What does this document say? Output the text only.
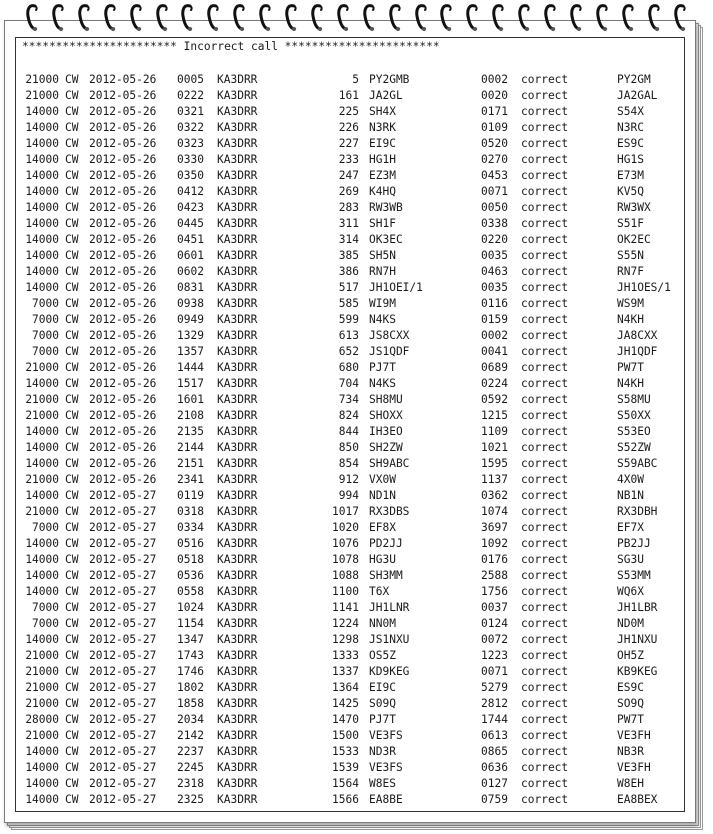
*********************** Incorrect call ***********************
21000 CW 2012-05-26 0005 KA3DRR	5 PY2GMB	0002 correct	PY2GM
21000 CW 2012-05-26 0222 KA3DRR	161 JA2GL	0020 correct	JA2GAL
14000 CW 2012-05-26 0321 KA3DRR	225 SH4X	0171 correct	S54X
14000 CW 2012-05-26 0322 KA3DRR	226 N3RK	0109 correct	N3RC
14000 CW 2012-05-26 0323 KA3DRR	227 EI9C	0520 correct	ES9C
14000 CW 2012-05-26 0330 KA3DRR	233 HG1H	0270 correct	HG1S
14000 CW 2012-05-26 0350 KA3DRR	247 EZ3M	0453 correct	E73M
14000 CW 2012-05-26 0412 KA3DRR	269 K4HQ	0071 correct	KV5Q
14000 CW 2012-05-26 0423 KA3DRR	283 RW3WB	0050 correct	RW3WX
14000 CW 2012-05-26 0445 KA3DRR	311 SH1F	0338 correct	S51F
14000 CW 2012-05-26 0451 KA3DRR	314 OK3EC	0220 correct	OK2EC
14000 CW 2012-05-26 0601 KA3DRR	385 SH5N	0035 correct	S55N
14000 CW 2012-05-26 0602 KA3DRR	386 RN7H	0463 correct	RN7F
14000 CW 2012-05-26 0831 KA3DRR	517 JH1OEI/1	0035 correct	JH1OES/1
7000 CW 2012-05-26 0938 KA3DRR	585 WI9M	0116 correct	WS9M
7000 CW 2012-05-26 0949 KA3DRR	599 N4KS	0159 correct	N4KH
7000 CW 2012-05-26 1329 KA3DRR	613 JS8CXX	0002 correct	JA8CXX
7000 CW 2012-05-26 1357 KA3DRR	652 JS1QDF	0041 correct	JH1QDF
21000 CW 2012-05-26 1444 KA3DRR	680 PJ7T	0689 correct	PW7T
14000 CW 2012-05-26 1517 KA3DRR	704 N4KS	0224 correct	N4KH
21000 CW 2012-05-26 1601 KA3DRR	734 SH8MU	0592 correct	S58MU
21000 CW 2012-05-26 2108 KA3DRR	824 SHOXX	1215 correct	S50XX
14000 CW 2012-05-26 2135 KA3DRR	844 IH3EO	1109 correct	S53EO
14000 CW 2012-05-26 2144 KA3DRR	850 SH2ZW	1021 correct	S52ZW
14000 CW 2012-05-26 2151 KA3DRR	854 SH9ABC	1595 correct	S59ABC
21000 CW 2012-05-26 2341 KA3DRR	912 VX0W	1137 correct	4X0W
14000 CW 2012-05-27 0119 KA3DRR	994 ND1N	0362 correct	NB1N
21000 CW 2012-05-27 0318 KA3DRR	1017 RX3DBS	1074 correct	RX3DBH
7000 CW 2012-05-27 0334 KA3DRR	1020 EF8X	3697 correct	EF7X
14000 CW 2012-05-27 0516 KA3DRR	1076 PD2JJ	1092 correct	PB2JJ
14000 CW 2012-05-27 0518 KA3DRR	1078 HG3U	0176 correct	SG3U
14000 CW 2012-05-27 0536 KA3DRR	1088 SH3MM	2588 correct	S53MM
14000 CW 2012-05-27 0558 KA3DRR	1100 T6X	1756 correct	WQ6X
7000 CW 2012-05-27 1024 KA3DRR	1141 JH1LNR	0037 correct	JH1LBR
7000 CW 2012-05-27 1154 KA3DRR	1224 NN0M	0124 correct	ND0M
14000 CW 2012-05-27 1347 KA3DRR	1298 JS1NXU	0072 correct	JH1NXU
21000 CW 2012-05-27 1743 KA3DRR	1333 OS5Z	1223 correct	OH5Z
21000 CW 2012-05-27 1746 KA3DRR	1337 KD9KEG	0071 correct	KB9KEG
21000 CW 2012-05-27 1802 KA3DRR	1364 EI9C	5279 correct	ES9C
21000 CW 2012-05-27 1858 KA3DRR	1425 S09Q	2812 correct	SO9Q
28000 CW 2012-05-27 2034 KA3DRR	1470 PJ7T	1744 correct	PW7T
21000 CW 2012-05-27 2142 KA3DRR	1500 VE3FS	0613 correct	VE3FH
14000 CW 2012-05-27 2237 KA3DRR	1533 ND3R	0865 correct	NB3R
14000 CW 2012-05-27 2245 KA3DRR	1539 VE3FS	0636 correct	VE3FH
14000 CW 2012-05-27 2318 KA3DRR	1564 W8ES	0127 correct	W8EH
14000 CW 2012-05-27 2325 KA3DRR	1566 EA8BE	0759 correct	EA8BEX
